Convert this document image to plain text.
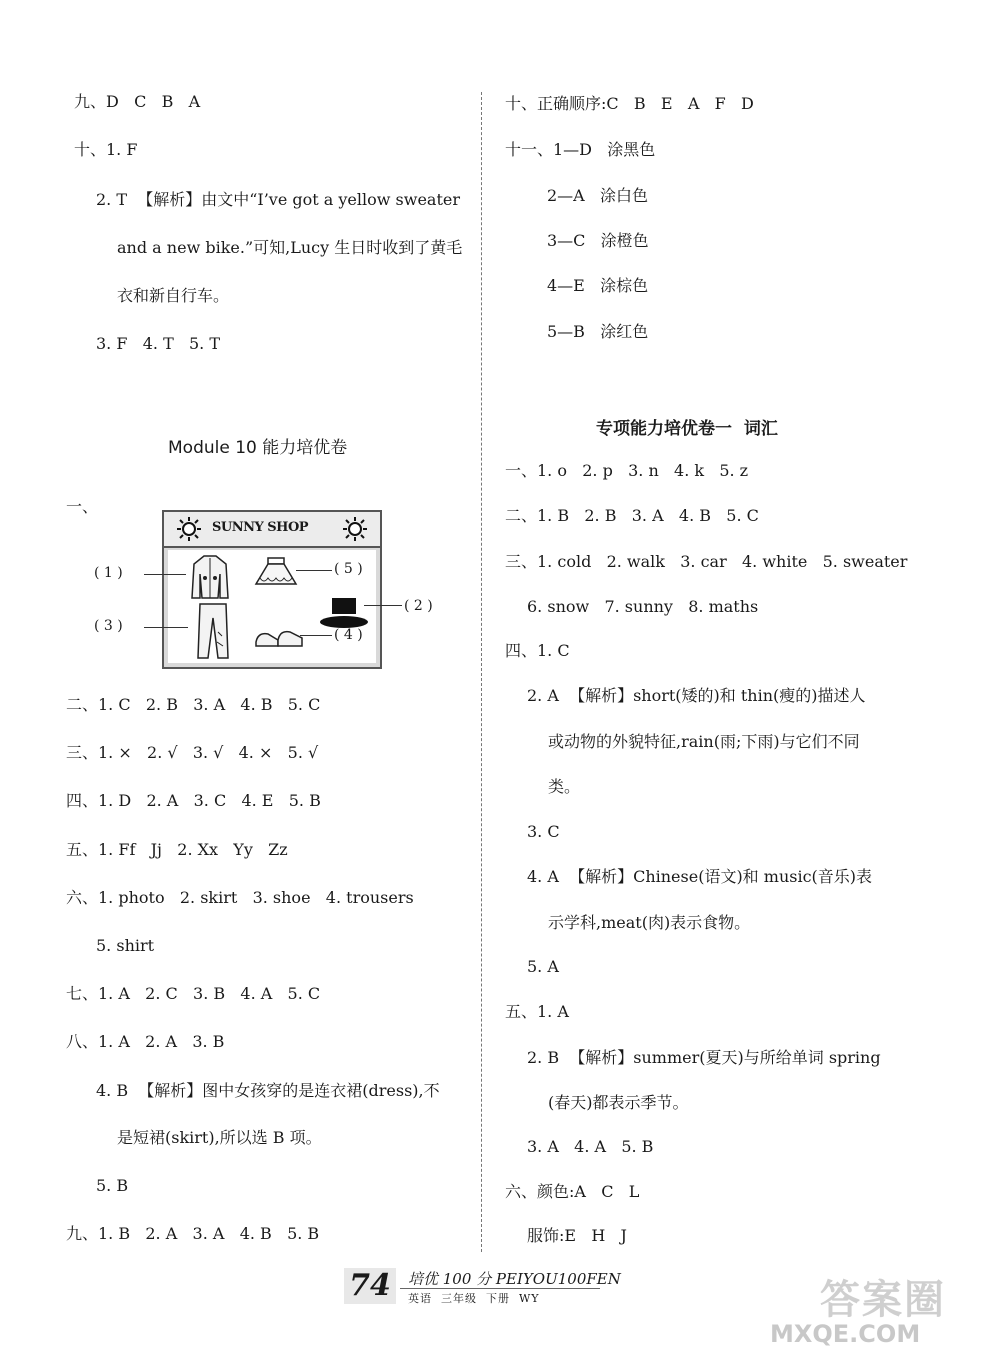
九、D   C   B   A
十、1. F
2. T  【解析】由文中“I’ve got a yellow sweater
and a new bike.”可知,Lucy 生日时收到了黄毛
衣和新自行车。
3. F   4. T   5. T
Module 10 能力培优卷
一、
SUNNY SHOP
( 1 )	( 5 )
( 2 )
( 3 )
( 4 )
二、1. C   2. B   3. A   4. B   5. C
三、1. ×   2. √   3. √   4. ×   5. √
四、1. D   2. A   3. C   4. E   5. B
五、1. Ff   Jj   2. Xx   Yy   Zz
六、1. photo   2. skirt   3. shoe   4. trousers
5. shirt
七、1. A   2. C   3. B   4. A   5. C
八、1. A   2. A   3. B
4. B  【解析】图中女孩穿的是连衣裙(dress),不
是短裙(skirt),所以选 B 项。
5. B
九、1. B   2. A   3. A   4. B   5. B
十、正确顺序:C   B   E   A   F   D
十一、1—D   涂黑色
2—A   涂白色
3—C   涂橙色
4—E   涂棕色
5—B   涂红色
专项能力培优卷一  词汇
一、1. o   2. p   3. n   4. k   5. z
二、1. B   2. B   3. A   4. B   5. C
三、1. cold   2. walk   3. car   4. white   5. sweater
6. snow   7. sunny   8. maths
四、1. C
2. A  【解析】short(矮的)和 thin(瘦的)描述人
或动物的外貌特征,rain(雨;下雨)与它们不同
类。
3. C
4. A  【解析】Chinese(语文)和 music(音乐)表
示学科,meat(肉)表示食物。
5. A
五、1. A
2. B  【解析】summer(夏天)与所给单词 spring
(春天)都表示季节。
3. A   4. A   5. B
六、颜色:A   C   L
服饰:E   H   J
74	培优 100 分 PEIYOU100FEN
英语  三年级  下册  WY	答案圈
MXQE.COM
